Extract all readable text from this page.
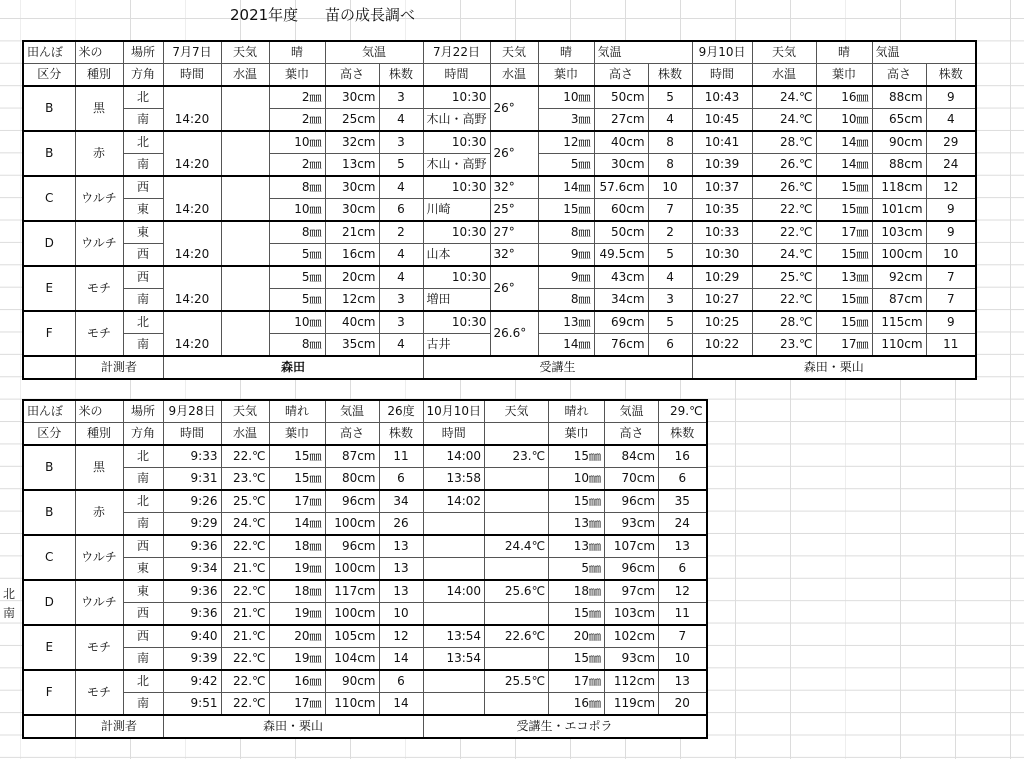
2021年度 苗の成長調べ
北
南
田んぼ	米の	場所	7月7日	天気	晴	気温		7月22日	天気	晴	気温		9月10日	天気	晴	気温	
区分	種別	方角	時間	水温	葉巾	高さ	株数	時間	水温	葉巾	高さ	株数	時間	水温	葉巾	高さ	株数
B	黒	北	14:20		2㎜	30cm	3	10:30	26°	10㎜	50cm	5	10:43	24.℃	16㎜	88cm	9
		南			2㎜	25cm	4	木山・高野		3㎜	27cm	4	10:45	24.℃	10㎜	65cm	4
B	赤	北	14:20		10㎜	32cm	3	10:30	26°	12㎜	40cm	8	10:41	28.℃	14㎜	90cm	29
		南			2㎜	13cm	5	木山・高野		5㎜	30cm	8	10:39	26.℃	14㎜	88cm	24
C	ウルチ	西	14:20		8㎜	30cm	4	10:30	32°	14㎜	57.6cm	10	10:37	26.℃	15㎜	118cm	12
		東			10㎜	30cm	6	川崎	25°	15㎜	60cm	7	10:35	22.℃	15㎜	101cm	9
D	ウルチ	東	14:20		8㎜	21cm	2	10:30	27°	8㎜	50cm	2	10:33	22.℃	17㎜	103cm	9
		西			5㎜	16cm	4	山本	32°	9㎜	49.5cm	5	10:30	24.℃	15㎜	100cm	10
E	モチ	西	14:20		5㎜	20cm	4	10:30	26°	9㎜	43cm	4	10:29	25.℃	13㎜	92cm	7
		南			5㎜	12cm	3	増田		8㎜	34cm	3	10:27	22.℃	15㎜	87cm	7
F	モチ	北	14:20		10㎜	40cm	3	10:30	26.6°	13㎜	69cm	5	10:25	28.℃	15㎜	115cm	9
		南			8㎜	35cm	4	古井		14㎜	76cm	6	10:22	23.℃	17㎜	110cm	11
	計測者		森田					受講生					森田・栗山				
田んぼ	米の	場所	9月28日	天気	晴れ	気温	26度	10月10日	天気	晴れ	気温	29.℃
区分	種別	方角	時間	水温	葉巾	高さ	株数	時間		葉巾	高さ	株数
B	黒	北	9:33	22.℃	15㎜	87cm	11	14:00	23.℃	15㎜	84cm	16
		南	9:31	23.℃	15㎜	80cm	6	13:58		10㎜	70cm	6
B	赤	北	9:26	25.℃	17㎜	96cm	34	14:02		15㎜	96cm	35
		南	9:29	24.℃	14㎜	100cm	26			13㎜	93cm	24
C	ウルチ	西	9:36	22.℃	18㎜	96cm	13		24.4℃	13㎜	107cm	13
		東	9:34	21.℃	19㎜	100cm	13			5㎜	96cm	6
D	ウルチ	東	9:36	22.℃	18㎜	117cm	13	14:00	25.6℃	18㎜	97cm	12
		西	9:36	21.℃	19㎜	100cm	10			15㎜	103cm	11
E	モチ	西	9:40	21.℃	20㎜	105cm	12	13:54	22.6℃	20㎜	102cm	7
		南	9:39	22.℃	19㎜	104cm	14	13:54		15㎜	93cm	10
F	モチ	北	9:42	22.℃	16㎜	90cm	6		25.5℃	17㎜	112cm	13
		南	9:51	22.℃	17㎜	110cm	14			16㎜	119cm	20
	計測者		森田・栗山					受講生・エコポラ				
